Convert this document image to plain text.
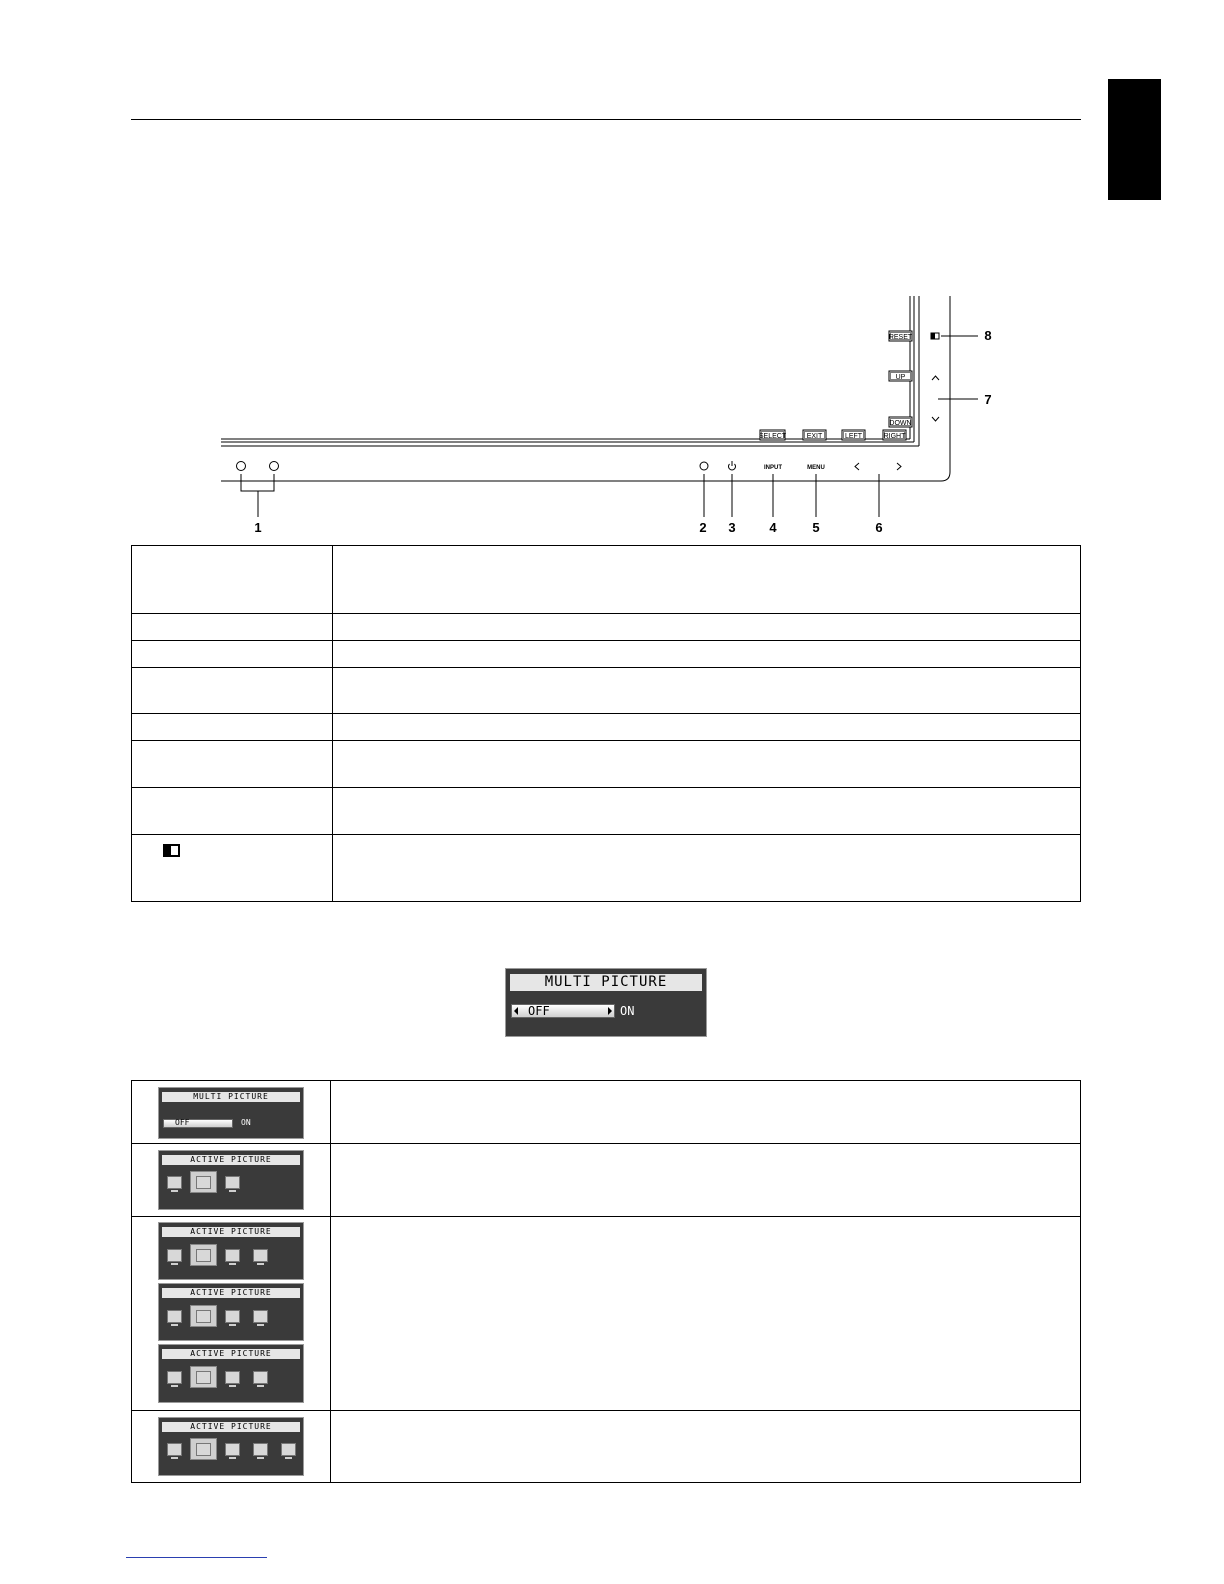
INPUT	MENU
RESET
UP
DOWN
SELECT	EXIT	LEFT	RIGHT
1	2 3	4	5	6
7
8

MULTI PICTURE
OFF	ON
MULTI PICTURE
OFF ON	

ACTIVE PICTURE	

ACTIVE PICTURE
ACTIVE PICTURE
ACTIVE PICTURE	

ACTIVE PICTURE	
